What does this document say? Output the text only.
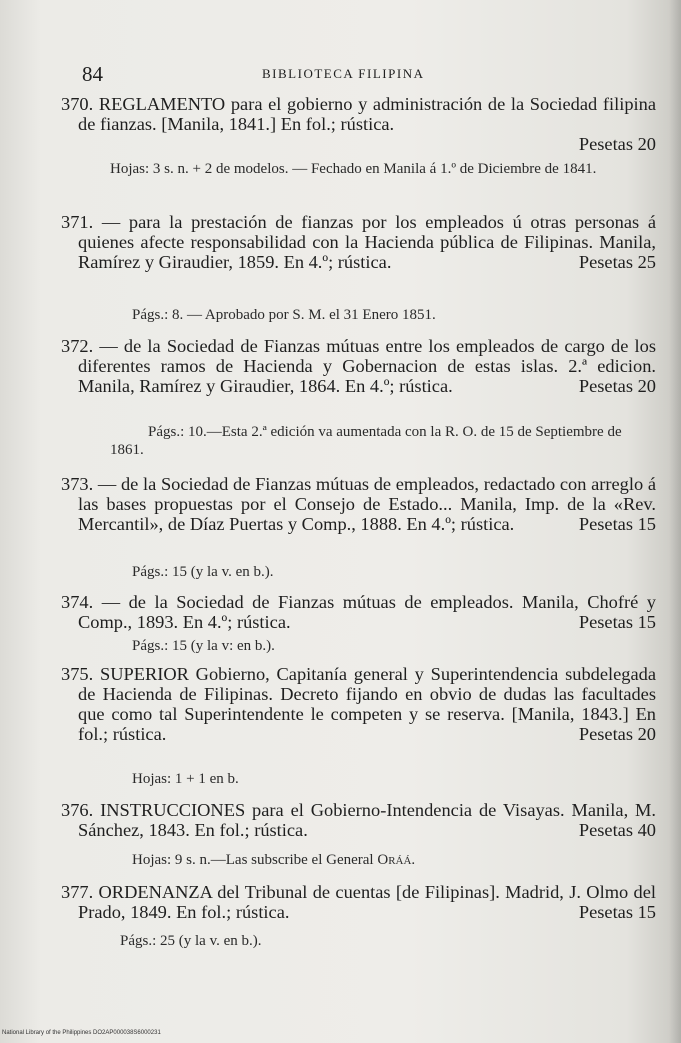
84	BIBLIOTECA FILIPINA
370. REGLAMENTO para el gobierno y administración de la Sociedad filipina de fianzas. [Manila, 1841.] En fol.; rústica.
Pesetas 20
Hojas: 3 s. n. + 2 de modelos. — Fechado en Manila á 1.º de Diciembre de 1841.
371. — para la prestación de fianzas por los empleados ú otras personas á quienes afecte responsabilidad con la Hacienda pública de Filipinas. Manila, Ramírez y Giraudier, 1859. En 4.º; rústica.	Pesetas 25
Págs.: 8. — Aprobado por S. M. el 31 Enero 1851.
372. — de la Sociedad de Fianzas mútuas entre los empleados de cargo de los diferentes ramos de Hacienda y Gobernacion de estas islas. 2.ª edicion. Manila, Ramírez y Giraudier, 1864. En 4.º; rústica.	Pesetas 20
Págs.: 10.—Esta 2.ª edición va aumentada con la R. O. de 15 de Septiembre de 1861.
373. — de la Sociedad de Fianzas mútuas de empleados, redactado con arreglo á las bases propuestas por el Consejo de Estado... Manila, Imp. de la «Rev. Mercantil», de Díaz Puertas y Comp., 1888. En 4.º; rústica.	Pesetas 15
Págs.: 15 (y la v. en b.).
374. — de la Sociedad de Fianzas mútuas de empleados. Manila, Chofré y Comp., 1893. En 4.º; rústica.	Pesetas 15
Págs.: 15 (y la v: en b.).
375. SUPERIOR Gobierno, Capitanía general y Superintendencia subdelegada de Hacienda de Filipinas. Decreto fijando en obvio de dudas las facultades que como tal Superintendente le competen y se reserva. [Manila, 1843.] En fol.; rústica.	Pesetas 20
Hojas: 1 + 1 en b.
376. INSTRUCCIONES para el Gobierno-Intendencia de Visayas. Manila, M. Sánchez, 1843. En fol.; rústica.	Pesetas 40
Hojas: 9 s. n.—Las subscribe el General Oráá.
377. ORDENANZA del Tribunal de cuentas [de Filipinas]. Madrid, J. Olmo del Prado, 1849. En fol.; rústica.	Pesetas 15
Págs.: 25 (y la v. en b.).
National Library of the Philippines DO2AP000038S6000231
